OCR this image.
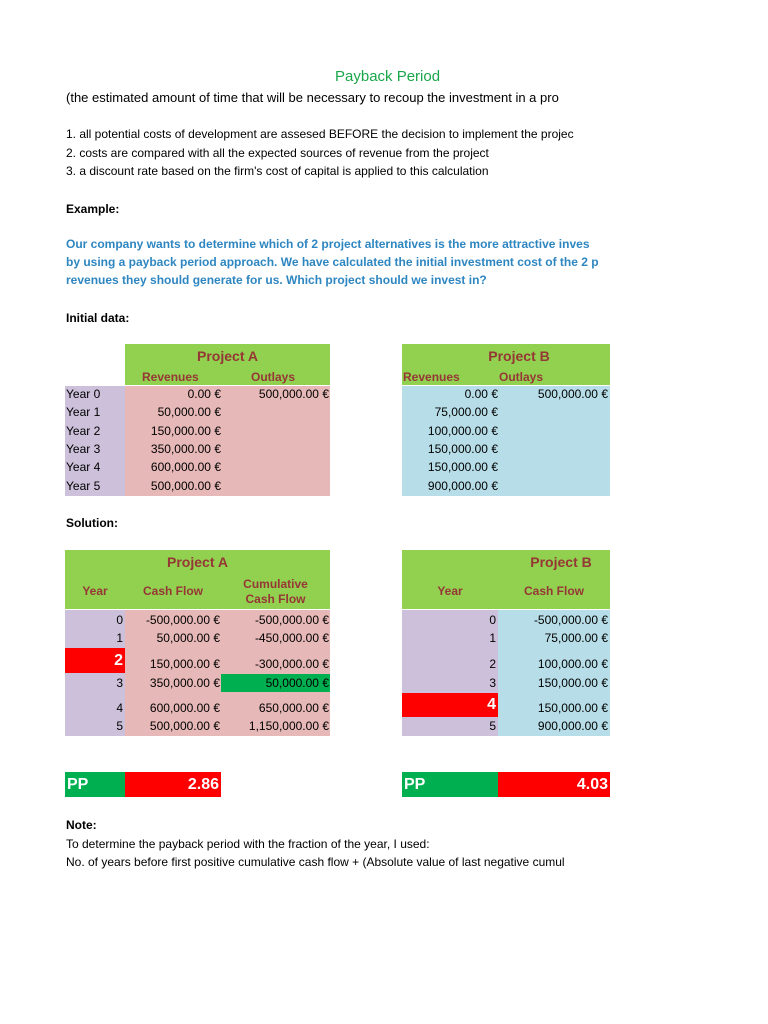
Payback Period
(the estimated amount of time that will be necessary to recoup the investment in a pro
1. all potential costs of development are assesed BEFORE the decision to implement the projec
2. costs are compared with all the expected sources of revenue from the project
3. a discount rate based on the firm's cost of capital is applied to this calculation
Example:
Our company wants to determine which of 2 project alternatives is the more attractive inves
by using a payback period approach. We have calculated the initial investment cost of the 2 p
revenues they should generate for us. Which project should we invest in?
Initial data:
Project A
Revenues	Outlays
Year 0	0.00 €	500,000.00 €
Year 1	50,000.00 €
Year 2	150,000.00 €
Year 3	350,000.00 €
Year 4	600,000.00 €
Year 5	500,000.00 €
Project B
Revenues	Outlays
0.00 €	500,000.00 €
75,000.00 €
100,000.00 €
150,000.00 €
150,000.00 €
900,000.00 €
Solution:
Project A
Year	Cash Flow	Cumulative
Cash Flow
0	-500,000.00 €	-500,000.00 €
1	50,000.00 €	-450,000.00 €
2	150,000.00 €	-300,000.00 €
3	350,000.00 €	50,000.00 €
4	600,000.00 €	650,000.00 €
5	500,000.00 €	1,150,000.00 €
Project B
Year	Cash Flow
0	-500,000.00 €
1	75,000.00 €
2	100,000.00 €
3	150,000.00 €
4	150,000.00 €
5	900,000.00 €
PP	2.86	PP	4.03
Note:
To determine the payback period with the fraction of the year, I used:
No. of years before first positive cumulative cash flow + (Absolute value of last negative cumul
